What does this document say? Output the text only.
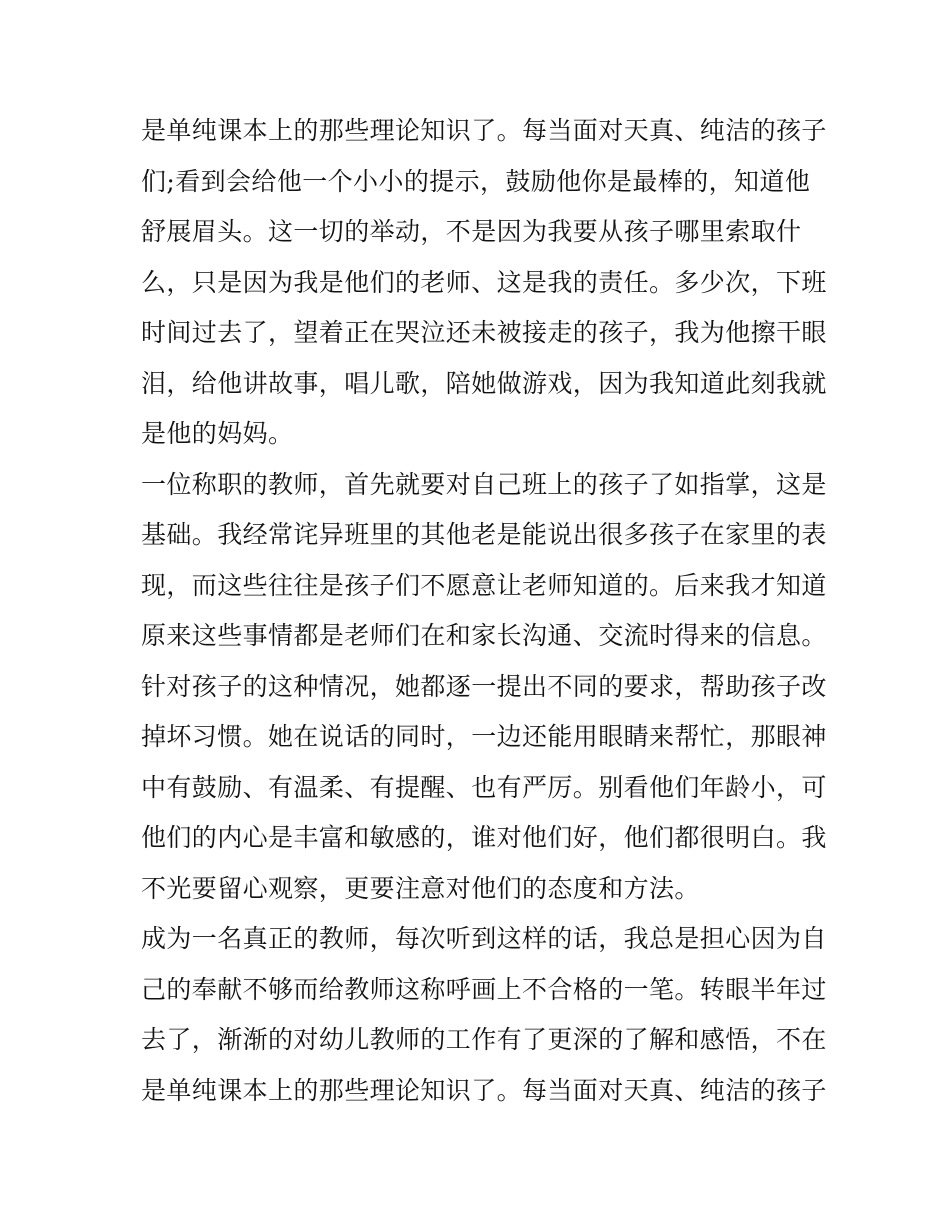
是单纯课本上的那些理论知识了。每当面对天真、纯洁的孩子

们;看到会给他一个小小的提示，鼓励他你是最棒的，知道他

舒展眉头。这一切的举动，不是因为我要从孩子哪里索取什

么，只是因为我是他们的老师、这是我的责任。多少次，下班

时间过去了，望着正在哭泣还未被接走的孩子，我为他擦干眼

泪，给他讲故事，唱儿歌，陪她做游戏，因为我知道此刻我就

是他的妈妈。

一位称职的教师，首先就要对自己班上的孩子了如指掌，这是

基础。我经常诧异班里的其他老是能说出很多孩子在家里的表

现，而这些往往是孩子们不愿意让老师知道的。后来我才知道

原来这些事情都是老师们在和家长沟通、交流时得来的信息。

针对孩子的这种情况，她都逐一提出不同的要求，帮助孩子改

掉坏习惯。她在说话的同时，一边还能用眼睛来帮忙，那眼神

中有鼓励、有温柔、有提醒、也有严厉。别看他们年龄小，可

他们的内心是丰富和敏感的，谁对他们好，他们都很明白。我

不光要留心观察，更要注意对他们的态度和方法。

成为一名真正的教师，每次听到这样的话，我总是担心因为自

己的奉献不够而给教师这称呼画上不合格的一笔。转眼半年过

去了，渐渐的对幼儿教师的工作有了更深的了解和感悟，不在

是单纯课本上的那些理论知识了。每当面对天真、纯洁的孩子
